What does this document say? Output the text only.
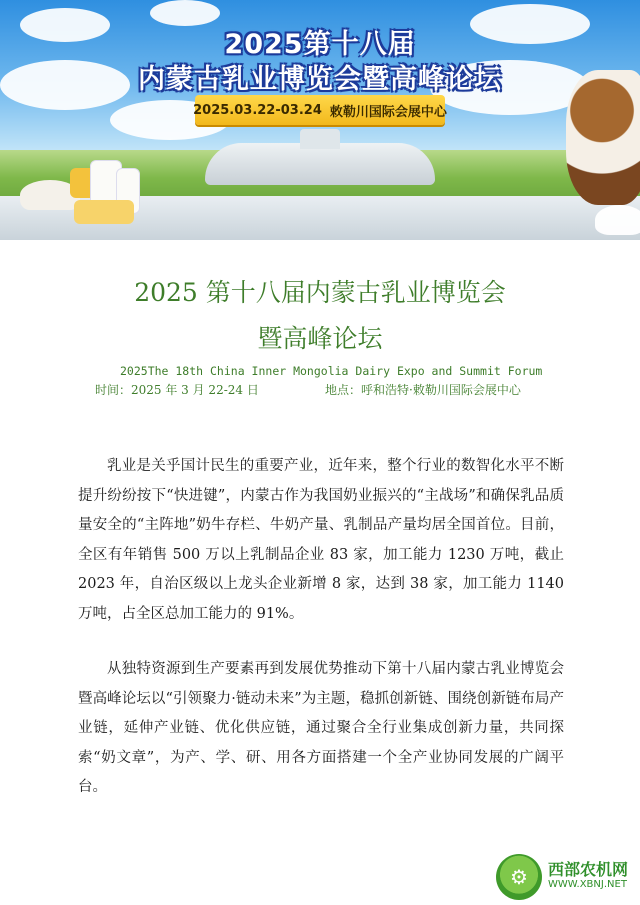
2025第十八届
内蒙古乳业博览会暨高峰论坛
2025.03.22-03.24 敕勒川国际会展中心
2025 第十八届内蒙古乳业博览会
暨高峰论坛
2025The 18th China Inner Mongolia Dairy Expo and Summit Forum
时间：2025 年 3 月 22-24 日	地点：呼和浩特·敕勒川国际会展中心
乳业是关乎国计民生的重要产业，近年来，整个行业的数智化水平不断提升纷纷按下“快进键”，内蒙古作为我国奶业振兴的“主战场”和确保乳品质量安全的“主阵地”奶牛存栏、牛奶产量、乳制品产量均居全国首位。目前，全区有年销售 500 万以上乳制品企业 83 家，加工能力 1230 万吨，截止 2023 年，自治区级以上龙头企业新增 8 家，达到 38 家，加工能力 1140 万吨，占全区总加工能力的 91%。
从独特资源到生产要素再到发展优势推动下第十八届内蒙古乳业博览会暨高峰论坛以“引领聚力·链动未来”为主题，稳抓创新链、围绕创新链布局产业链，延伸产业链、优化供应链，通过聚合全行业集成创新力量，共同探索“奶文章”，为产、学、研、用各方面搭建一个全产业协同发展的广阔平台。
⚙	西部农机网
WWW.XBNJ.NET
